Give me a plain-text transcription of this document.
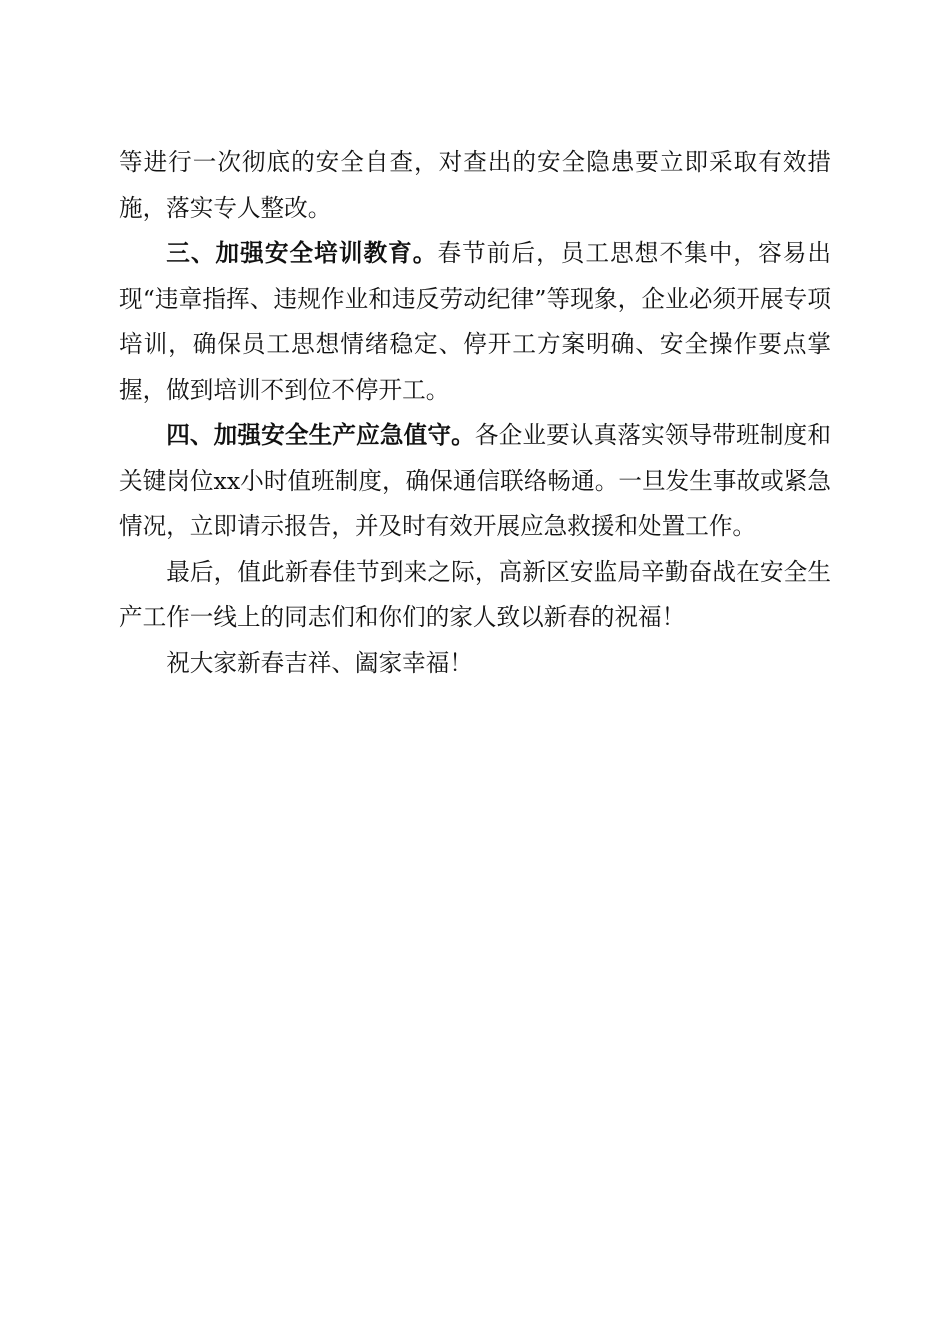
等进行一次彻底的安全自查，对查出的安全隐患要立即采取有效措施，落实专人整改。

三、加强安全培训教育。春节前后，员工思想不集中，容易出现“违章指挥、违规作业和违反劳动纪律”等现象，企业必须开展专项培训，确保员工思想情绪稳定、停开工方案明确、安全操作要点掌握，做到培训不到位不停开工。

四、加强安全生产应急值守。各企业要认真落实领导带班制度和关键岗位xx小时值班制度，确保通信联络畅通。一旦发生事故或紧急情况，立即请示报告，并及时有效开展应急救援和处置工作。

最后，值此新春佳节到来之际，高新区安监局辛勤奋战在安全生产工作一线上的同志们和你们的家人致以新春的祝福！

祝大家新春吉祥、阖家幸福！
